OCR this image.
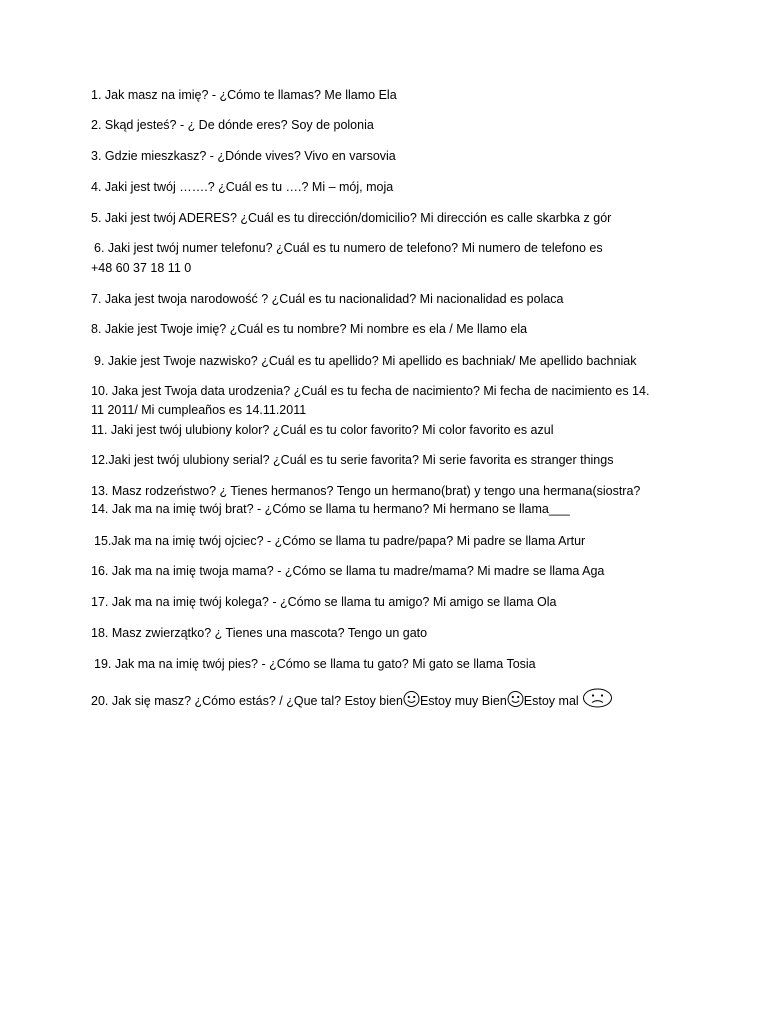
1. Jak masz na imię? - ¿Cómo te llamas? Me llamo Ela
2. Skąd jesteś? - ¿ De dónde eres? Soy de polonia
3. Gdzie mieszkasz? - ¿Dónde vives? Vivo en varsovia
4. Jaki jest twój …….? ¿Cuál es tu ….? Mi – mój, moja
5. Jaki jest twój ADERES? ¿Cuál es tu dirección/domicilio? Mi dirección es calle skarbka z gór
6. Jaki jest twój numer telefonu? ¿Cuál es tu numero de telefono? Mi numero de telefono es
+48 60 37 18 11 0
7. Jaka jest twoja narodowość ? ¿Cuál es tu nacionalidad? Mi nacionalidad es polaca
8. Jakie jest Twoje imię? ¿Cuál es tu nombre? Mi nombre es ela / Me llamo ela
9. Jakie jest Twoje nazwisko? ¿Cuál es tu apellido? Mi apellido es bachniak/ Me apellido bachniak
10. Jaka jest Twoja data urodzenia? ¿Cuál es tu fecha de nacimiento? Mi fecha de nacimiento es 14.
11 2011/ Mi cumpleaños es 14.11.2011
11. Jaki jest twój ulubiony kolor? ¿Cuál es tu color favorito? Mi color favorito es azul
12.Jaki jest twój ulubiony serial? ¿Cuál es tu serie favorita? Mi serie favorita es stranger things
13. Masz rodzeństwo? ¿ Tienes hermanos? Tengo un hermano(brat) y tengo una hermana(siostra?
14. Jak ma na imię twój brat? - ¿Cómo se llama tu hermano? Mi hermano se llama___
15.Jak ma na imię twój ojciec? - ¿Cómo se llama tu padre/papa? Mi padre se llama Artur
16. Jak ma na imię twoja mama? - ¿Cómo se llama tu madre/mama? Mi madre se llama Aga
17. Jak ma na imię twój kolega? - ¿Cómo se llama tu amigo? Mi amigo se llama Ola
18. Masz zwierzątko? ¿ Tienes una mascota? Tengo un gato
19. Jak ma na imię twój pies? - ¿Cómo se llama tu gato? Mi gato se llama Tosia
20. Jak się masz? ¿Cómo estás? / ¿Que tal? Estoy bien Estoy muy Bien Estoy mal
